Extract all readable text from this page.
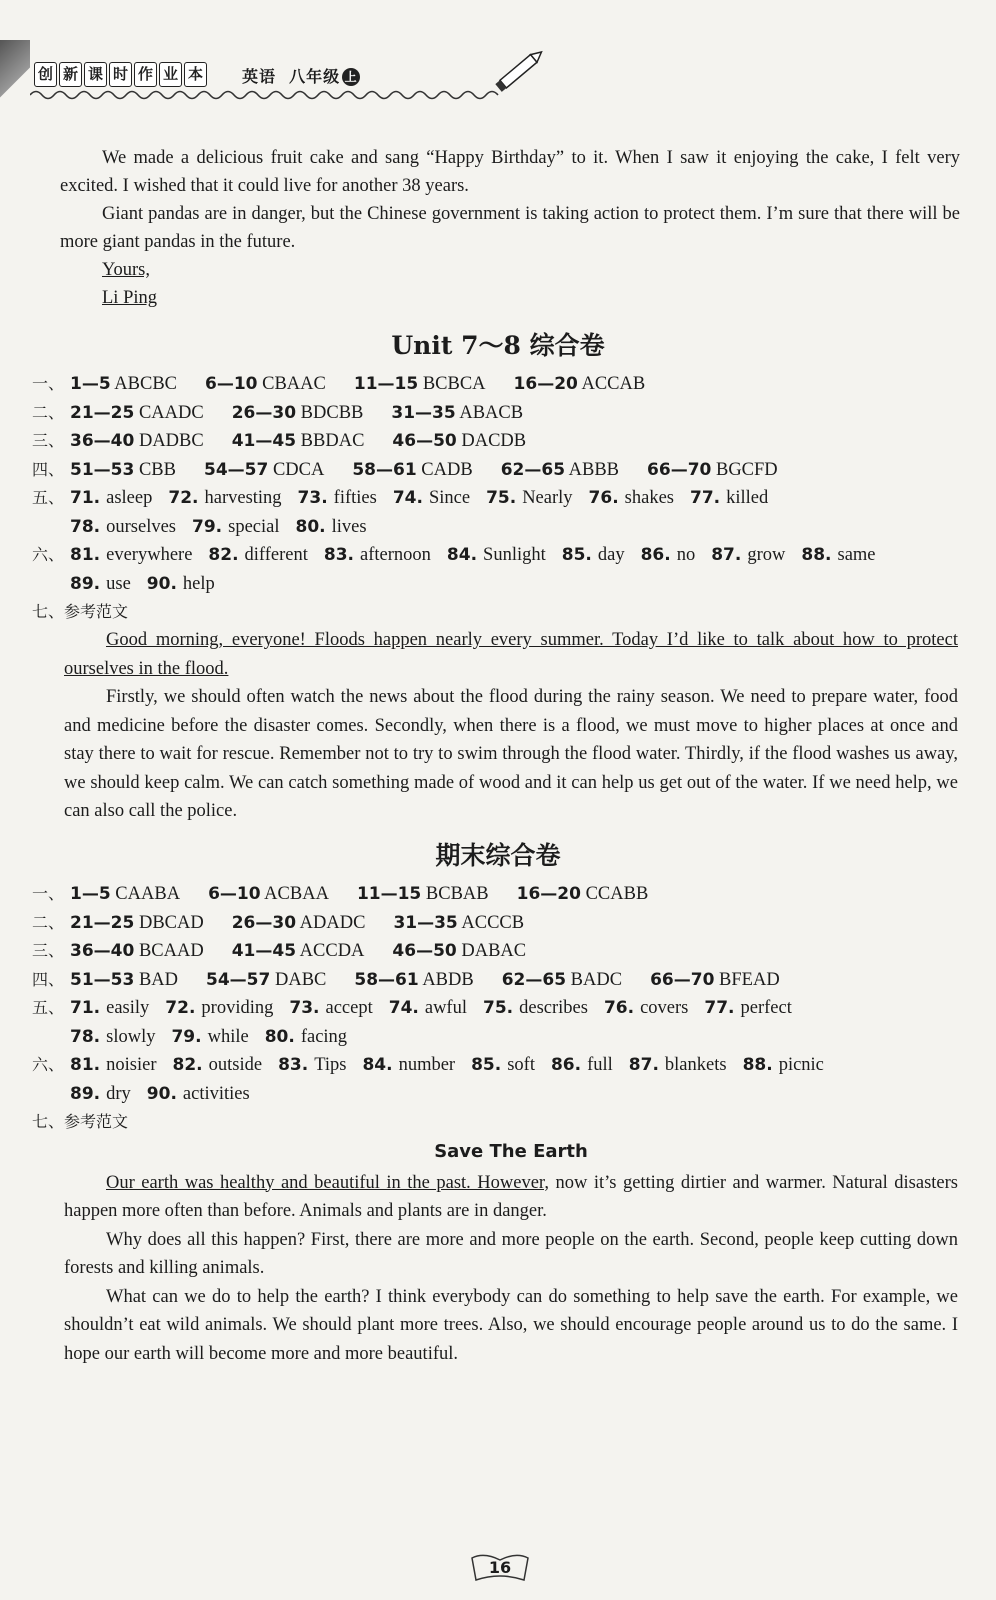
创 新 课 时 作 业 本 英语 八年级 上

We made a delicious fruit cake and sang “Happy Birthday” to it. When I saw it enjoying the cake, I felt very excited. I wished that it could live for another 38 years.

Giant pandas are in danger, but the Chinese government is taking action to protect them. I’m sure that there will be more giant pandas in the future.

Yours,

Li Ping

Unit 7～8 综合卷
一、 1—5 ABCBC 6—10 CBAAC 11—15 BCBCA 16—20 ACCAB
二、 21—25 CAADC 26—30 BDCBB 31—35 ABACB
三、 36—40 DADBC 41—45 BBDAC 46—50 DACDB
四、 51—53 CBB 54—57 CDCA 58—61 CADB 62—65 ABBB 66—70 BGCFD
五、 71. asleep 72. harvesting 73. fifties 74. Since 75. Nearly 76. shakes 77. killed
78. ourselves 79. special 80. lives
六、 81. everywhere 82. different 83. afternoon 84. Sunlight 85. day 86. no 87. grow 88. same
89. use 90. help
七、参考范文

Good morning, everyone! Floods happen nearly every summer. Today I’d like to talk about how to protect ourselves in the flood.

Firstly, we should often watch the news about the flood during the rainy season. We need to prepare water, food and medicine before the disaster comes. Secondly, when there is a flood, we must move to higher places at once and stay there to wait for rescue. Remember not to try to swim through the flood water. Thirdly, if the flood washes us away, we should keep calm. We can catch something made of wood and it can help us get out of the water. If we need help, we can also call the police.

期末综合卷
一、 1—5 CAABA 6—10 ACBAA 11—15 BCBAB 16—20 CCABB
二、 21—25 DBCAD 26—30 ADADC 31—35 ACCCB
三、 36—40 BCAAD 41—45 ACCDA 46—50 DABAC
四、 51—53 BAD 54—57 DABC 58—61 ABDB 62—65 BADC 66—70 BFEAD
五、 71. easily 72. providing 73. accept 74. awful 75. describes 76. covers 77. perfect
78. slowly 79. while 80. facing
六、 81. noisier 82. outside 83. Tips 84. number 85. soft 86. full 87. blankets 88. picnic
89. dry 90. activities
七、参考范文

Save The Earth

Our earth was healthy and beautiful in the past. However, now it’s getting dirtier and warmer. Natural disasters happen more often than before. Animals and plants are in danger.

Why does all this happen? First, there are more and more people on the earth. Second, people keep cutting down forests and killing animals.

What can we do to help the earth? I think everybody can do something to help save the earth. For example, we shouldn’t eat wild animals. We should plant more trees. Also, we should encourage people around us to do the same. I hope our earth will become more and more beautiful.

16
